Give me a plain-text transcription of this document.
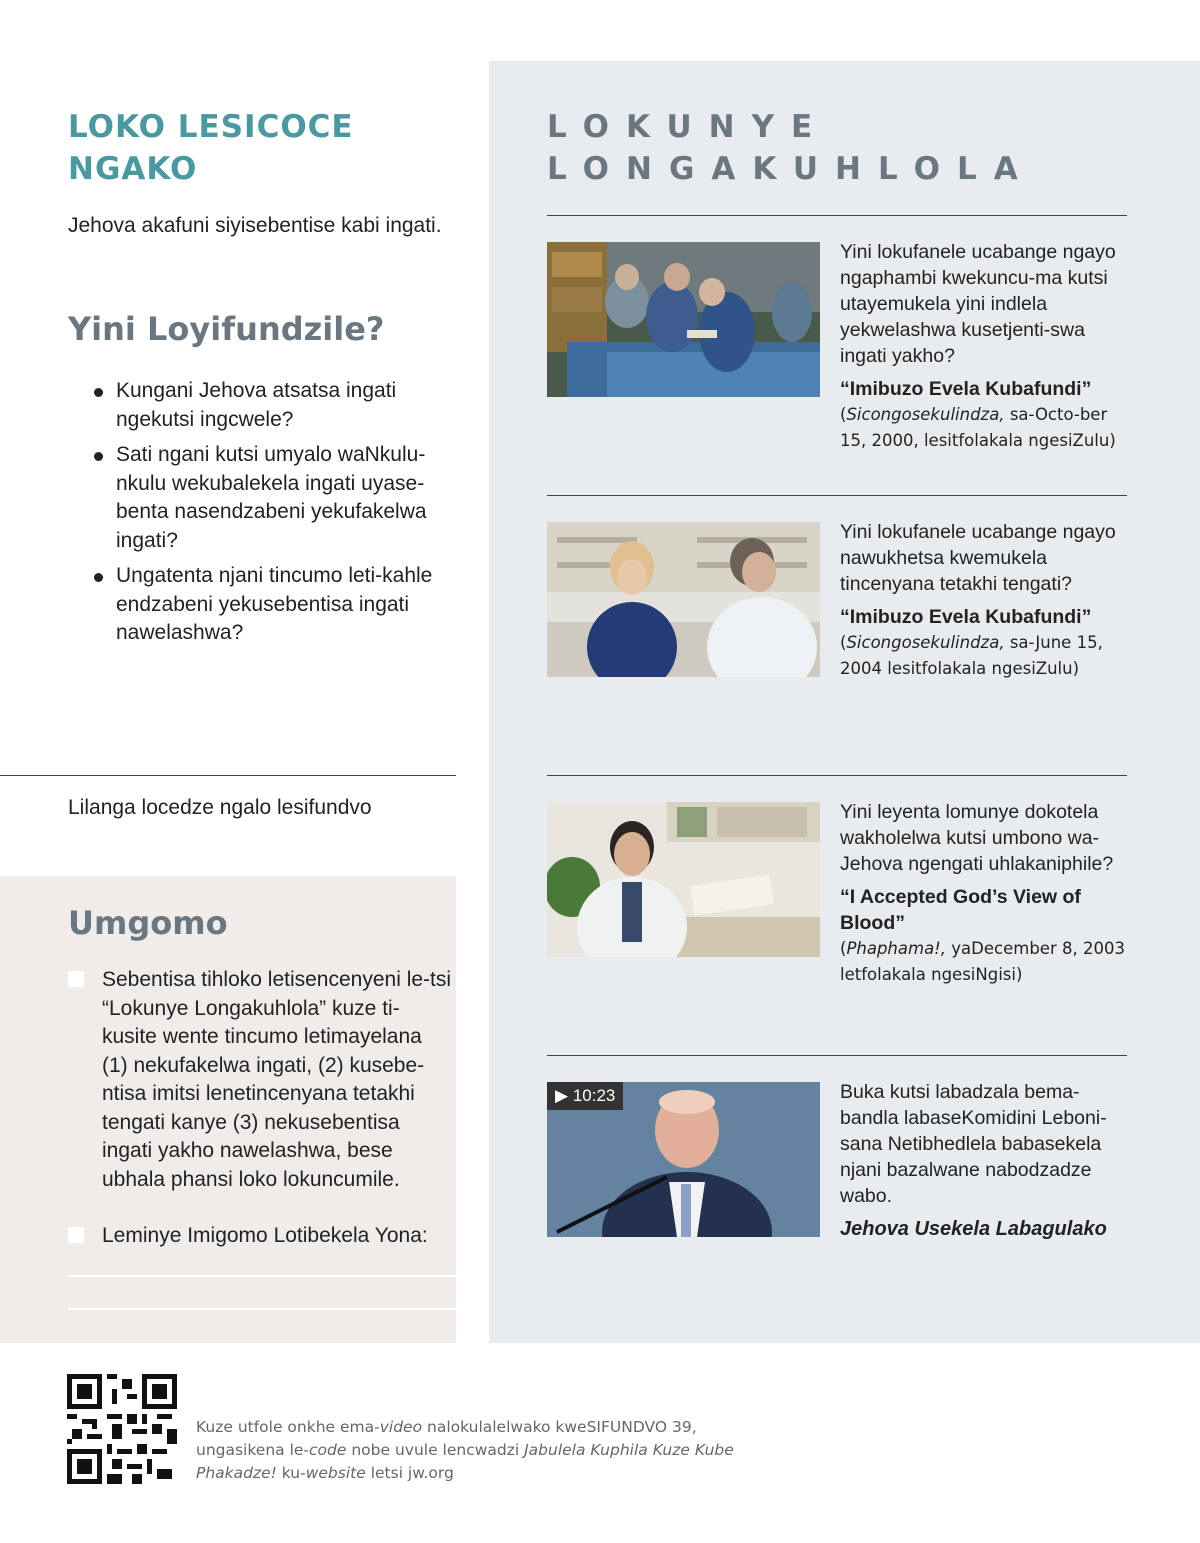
LOKO LESICOCE
NGAKO
Jehova akafuni siyisebentise kabi ingati.
Yini Loyifundzile?
Kungani Jehova atsatsa ingati ngekutsi ingcwele?
Sati ngani kutsi umyalo waNkulu-nkulu wekubalekela ingati uyase-benta nasendzabeni yekufakelwa ingati?
Ungatenta njani tincumo leti-kahle endzabeni yekusebentisa ingati nawelashwa?
Lilanga locedze ngalo lesifundvo
Umgomo
Sebentisa tihloko letisencenyeni le-tsi “Lokunye Longakuhlola” kuze ti-kusite wente tincumo letimayelana (1) nekufakelwa ingati, (2) kusebe-ntisa imitsi lenetincenyana tetakhi tengati kanye (3) nekusebentisa ingati yakho nawelashwa, bese ubhala phansi loko lokuncumile.
Leminye Imigomo Lotibekela Yona:
LOKUNYE
LONGAKUHLOLA
Yini lokufanele ucabange ngayo ngaphambi kwekuncu-ma kutsi utayemukela yini indlela yekwelashwa kusetjenti-swa ingati yakho?
“Imibuzo Evela Kubafundi”
(Sicongosekulindza, sa-Octo-ber 15, 2000, lesitfolakala ngesiZulu)
Yini lokufanele ucabange ngayo nawukhetsa kwemukela tincenyana tetakhi tengati?
“Imibuzo Evela Kubafundi”
(Sicongosekulindza, sa-June 15, 2004 lesitfolakala ngesiZulu)
Yini leyenta lomunye dokotela wakholelwa kutsi umbono wa-Jehova ngengati uhlakaniphile?
“I Accepted God’s View of Blood”
(Phaphama!, yaDecember 8, 2003 letfolakala ngesiNgisi)
▶ 10:23	Buka kutsi labadzala bema-bandla labaseKomidini Leboni-sana Netibhedlela babasekela njani bazalwane nabodzadze wabo.
Jehova Usekela Labagulako
Kuze utfole onkhe ema-video nalokulalelwako kweSIFUNDVO 39, ungasikena le-code nobe uvule lencwadzi Jabulela Kuphila Kuze Kube Phakadze! ku-website letsi jw.org
